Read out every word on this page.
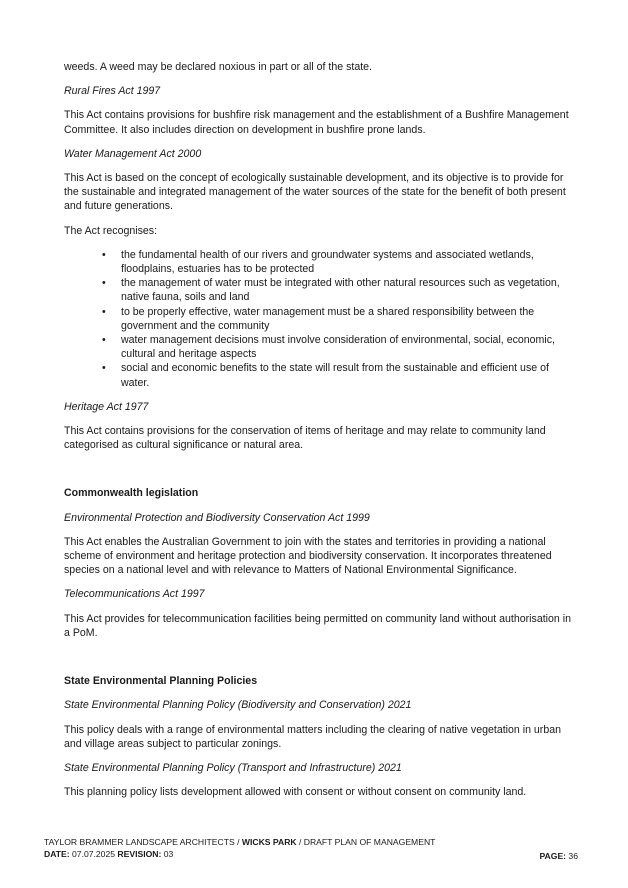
weeds. A weed may be declared noxious in part or all of the state.

Rural Fires Act 1997

This Act contains provisions for bushfire risk management and the establishment of a Bushfire Management Committee. It also includes direction on development in bushfire prone lands.

Water Management Act 2000

This Act is based on the concept of ecologically sustainable development, and its objective is to provide for the sustainable and integrated management of the water sources of the state for the benefit of both present and future generations.

The Act recognises:

• the fundamental health of our rivers and groundwater systems and associated wetlands, floodplains, estuaries has to be protected
• the management of water must be integrated with other natural resources such as vegetation, native fauna, soils and land
• to be properly effective, water management must be a shared responsibility between the government and the community
• water management decisions must involve consideration of environmental, social, economic, cultural and heritage aspects
• social and economic benefits to the state will result from the sustainable and efficient use of water.

Heritage Act 1977

This Act contains provisions for the conservation of items of heritage and may relate to community land categorised as cultural significance or natural area.

Commonwealth legislation

Environmental Protection and Biodiversity Conservation Act 1999

This Act enables the Australian Government to join with the states and territories in providing a national scheme of environment and heritage protection and biodiversity conservation. It incorporates threatened species on a national level and with relevance to Matters of National Environmental Significance.

Telecommunications Act 1997

This Act provides for telecommunication facilities being permitted on community land without authorisation in a PoM.

State Environmental Planning Policies

State Environmental Planning Policy (Biodiversity and Conservation) 2021

This policy deals with a range of environmental matters including the clearing of native vegetation in urban and village areas subject to particular zonings.

State Environmental Planning Policy (Transport and Infrastructure) 2021

This planning policy lists development allowed with consent or without consent on community land.

TAYLOR BRAMMER LANDSCAPE ARCHITECTS / WICKS PARK / DRAFT PLAN OF MANAGEMENT
DATE: 07.07.2025 REVISION: 03	PAGE: 36
